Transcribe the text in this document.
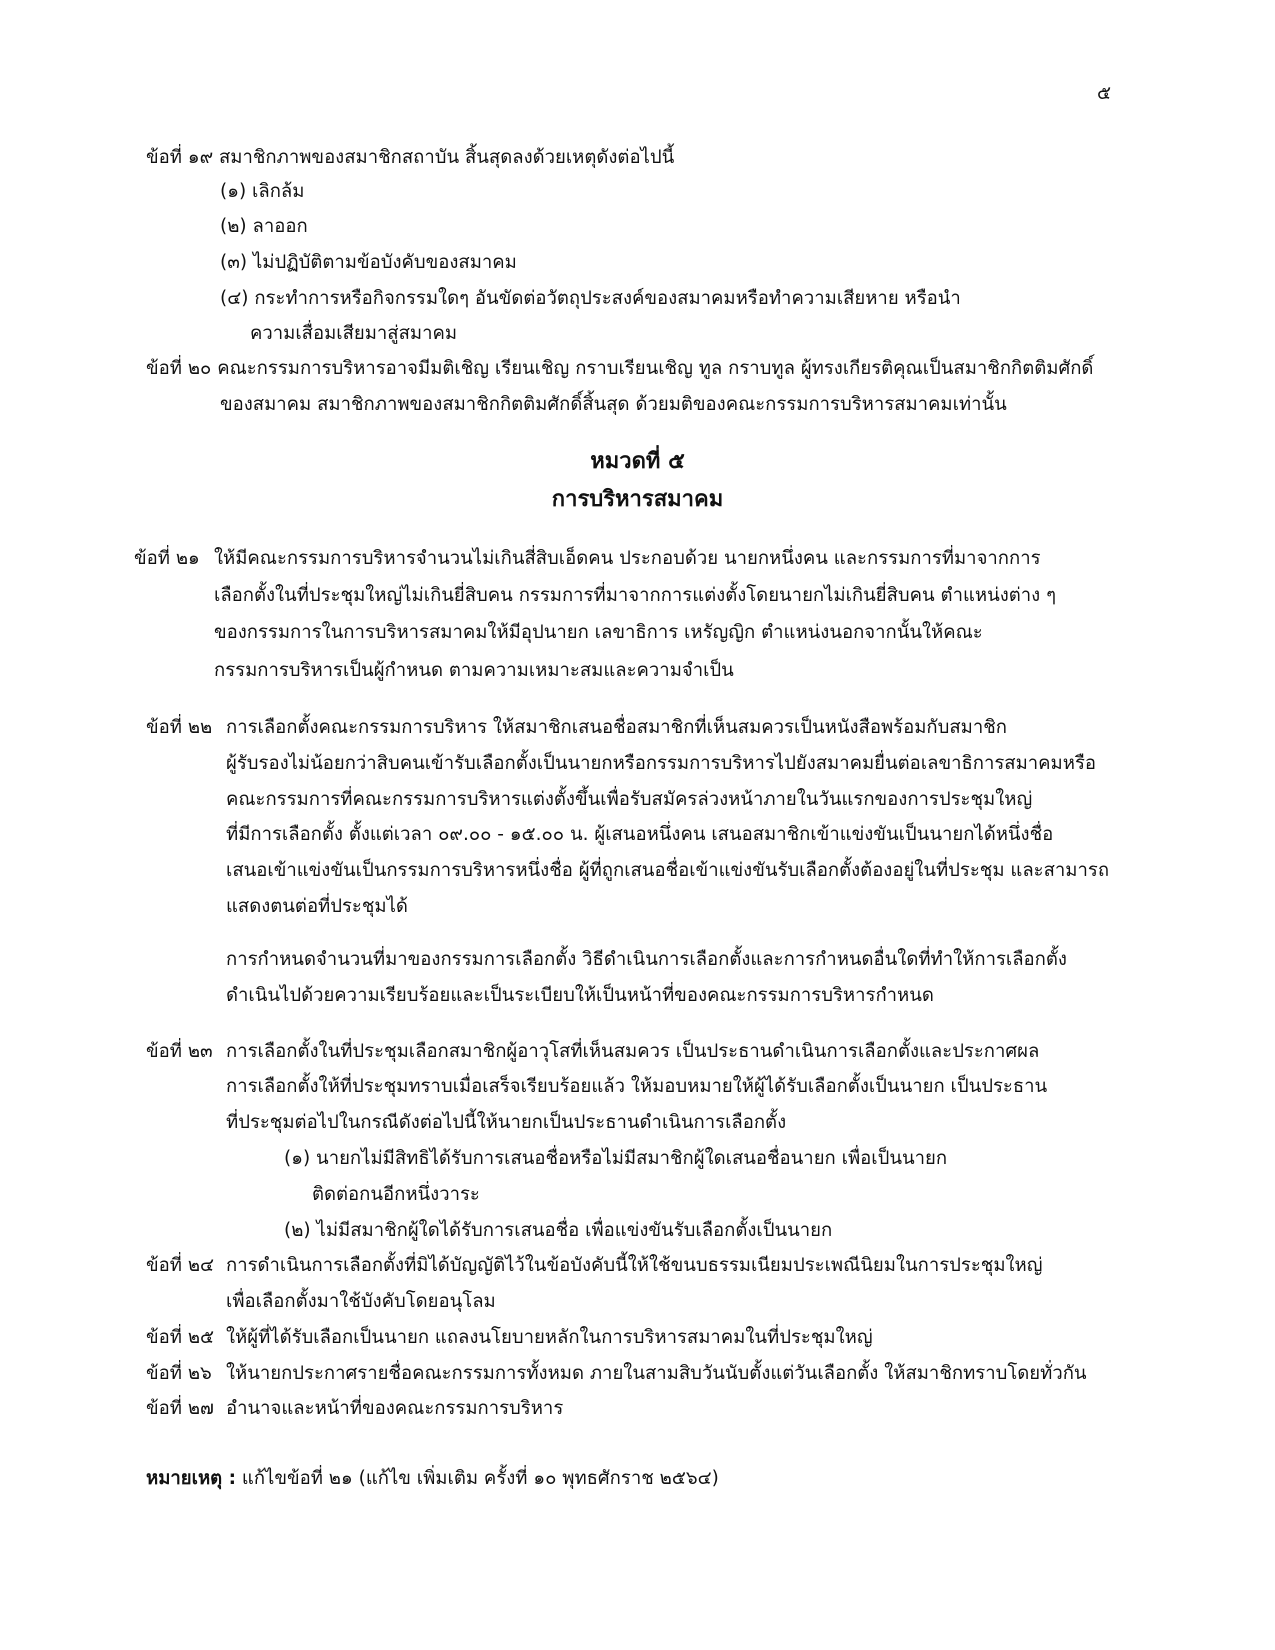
๕
ข้อที่ ๑๙ สมาชิกภาพของสมาชิกสถาบัน สิ้นสุดลงด้วยเหตุดังต่อไปนี้
(๑) เลิกล้ม
(๒) ลาออก
(๓) ไม่ปฏิบัติตามข้อบังคับของสมาคม
(๔) กระทำการหรือกิจกรรมใดๆ อันขัดต่อวัตถุประสงค์ของสมาคมหรือทำความเสียหาย หรือนำ
ความเสื่อมเสียมาสู่สมาคม
ข้อที่ ๒๐ คณะกรรมการบริหารอาจมีมติเชิญ เรียนเชิญ กราบเรียนเชิญ ทูล กราบทูล ผู้ทรงเกียรติคุณเป็นสมาชิกกิตติมศักดิ์
ของสมาคม สมาชิกภาพของสมาชิกกิตติมศักดิ์สิ้นสุด ด้วยมติของคณะกรรมการบริหารสมาคมเท่านั้น
หมวดที่ ๕
การบริหารสมาคม
ข้อที่ ๒๑ ให้มีคณะกรรมการบริหารจำนวนไม่เกินสี่สิบเอ็ดคน ประกอบด้วย นายกหนึ่งคน และกรรมการที่มาจากการ
เลือกตั้งในที่ประชุมใหญ่ไม่เกินยี่สิบคน กรรมการที่มาจากการแต่งตั้งโดยนายกไม่เกินยี่สิบคน ตำแหน่งต่าง ๆ
ของกรรมการในการบริหารสมาคมให้มีอุปนายก เลขาธิการ เหรัญญิก ตำแหน่งนอกจากนั้นให้คณะ
กรรมการบริหารเป็นผู้กำหนด ตามความเหมาะสมและความจำเป็น
ข้อที่ ๒๒ การเลือกตั้งคณะกรรมการบริหาร ให้สมาชิกเสนอชื่อสมาชิกที่เห็นสมควรเป็นหนังสือพร้อมกับสมาชิก
ผู้รับรองไม่น้อยกว่าสิบคนเข้ารับเลือกตั้งเป็นนายกหรือกรรมการบริหารไปยังสมาคมยื่นต่อเลขาธิการสมาคมหรือ
คณะกรรมการที่คณะกรรมการบริหารแต่งตั้งขึ้นเพื่อรับสมัครล่วงหน้าภายในวันแรกของการประชุมใหญ่
ที่มีการเลือกตั้ง ตั้งแต่เวลา ๐๙.๐๐ - ๑๕.๐๐ น. ผู้เสนอหนึ่งคน เสนอสมาชิกเข้าแข่งขันเป็นนายกได้หนึ่งชื่อ
เสนอเข้าแข่งขันเป็นกรรมการบริหารหนึ่งชื่อ ผู้ที่ถูกเสนอชื่อเข้าแข่งขันรับเลือกตั้งต้องอยู่ในที่ประชุม และสามารถ
แสดงตนต่อที่ประชุมได้
การกำหนดจำนวนที่มาของกรรมการเลือกตั้ง วิธีดำเนินการเลือกตั้งและการกำหนดอื่นใดที่ทำให้การเลือกตั้ง
ดำเนินไปด้วยความเรียบร้อยและเป็นระเบียบให้เป็นหน้าที่ของคณะกรรมการบริหารกำหนด
ข้อที่ ๒๓ การเลือกตั้งในที่ประชุมเลือกสมาชิกผู้อาวุโสที่เห็นสมควร เป็นประธานดำเนินการเลือกตั้งและประกาศผล
การเลือกตั้งให้ที่ประชุมทราบเมื่อเสร็จเรียบร้อยแล้ว ให้มอบหมายให้ผู้ได้รับเลือกตั้งเป็นนายก เป็นประธาน
ที่ประชุมต่อไปในกรณีดังต่อไปนี้ให้นายกเป็นประธานดำเนินการเลือกตั้ง
(๑) นายกไม่มีสิทธิได้รับการเสนอชื่อหรือไม่มีสมาชิกผู้ใดเสนอชื่อนายก เพื่อเป็นนายก
ติดต่อกนอีกหนึ่งวาระ
(๒) ไม่มีสมาชิกผู้ใดได้รับการเสนอชื่อ เพื่อแข่งขันรับเลือกตั้งเป็นนายก
ข้อที่ ๒๔ การดำเนินการเลือกตั้งที่มิได้บัญญัติไว้ในข้อบังคับนี้ให้ใช้ขนบธรรมเนียมประเพณีนิยมในการประชุมใหญ่
เพื่อเลือกตั้งมาใช้บังคับโดยอนุโลม
ข้อที่ ๒๕ ให้ผู้ที่ได้รับเลือกเป็นนายก แถลงนโยบายหลักในการบริหารสมาคมในที่ประชุมใหญ่
ข้อที่ ๒๖ ให้นายกประกาศรายชื่อคณะกรรมการทั้งหมด ภายในสามสิบวันนับตั้งแต่วันเลือกตั้ง ให้สมาชิกทราบโดยทั่วกัน
ข้อที่ ๒๗ อำนาจและหน้าที่ของคณะกรรมการบริหาร
หมายเหตุ : แก้ไขข้อที่ ๒๑ (แก้ไข เพิ่มเติม ครั้งที่ ๑๐ พุทธศักราช ๒๕๖๔)
